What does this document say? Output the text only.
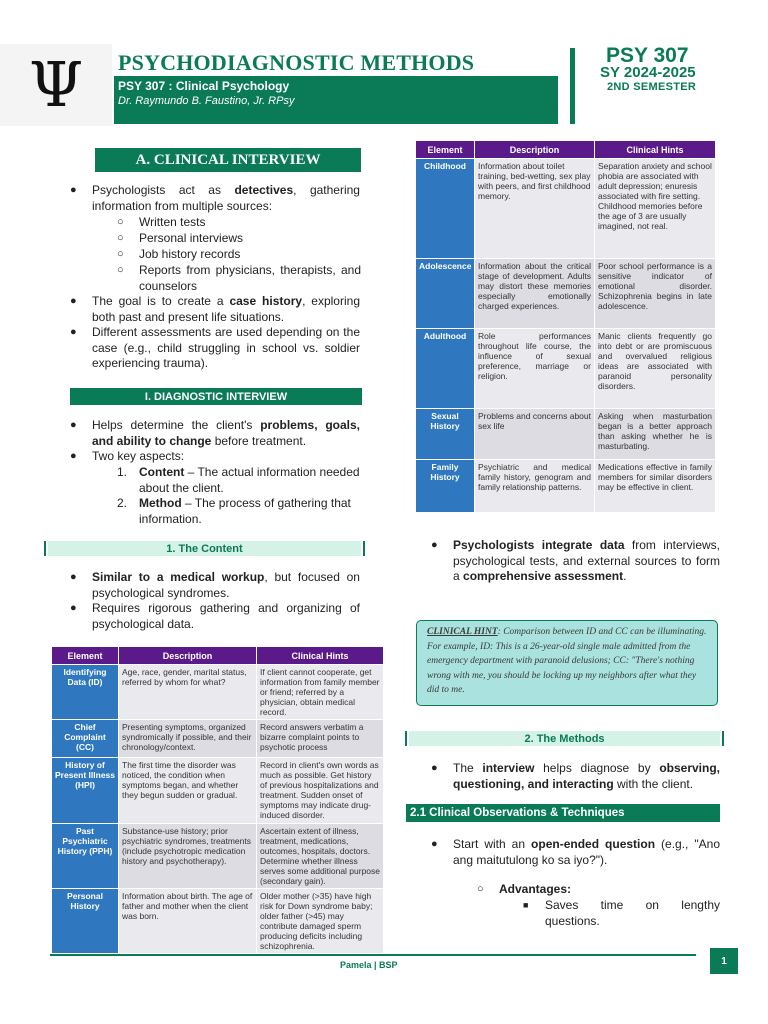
Ψ PSYCHODIAGNOSTIC METHODS
PSY 307 : Clinical Psychology
Dr. Raymundo B. Faustino, Jr. RPsy
PSY 307
SY 2024-2025
2ND SEMESTER
A. CLINICAL INTERVIEW
● Psychologists act as detectives, gathering information from multiple sources:
○ Written tests
○ Personal interviews
○ Job history records
○ Reports from physicians, therapists, and counselors
● The goal is to create a case history, exploring both past and present life situations.
● Different assessments are used depending on the case (e.g., child struggling in school vs. soldier experiencing trauma).
I. DIAGNOSTIC INTERVIEW
● Helps determine the client's problems, goals, and ability to change before treatment.
● Two key aspects:
1. Content – The actual information needed about the client.
2. Method – The process of gathering that information.
1. The Content
● Similar to a medical workup, but focused on psychological syndromes.
● Requires rigorous gathering and organizing of psychological data.
Element	Description	Clinical Hints
Identifying Data (ID)	Age, race, gender, marital status, referred by whom for what?	If client cannot cooperate, get information from family member or friend; referred by a physician, obtain medical record.
Chief Complaint (CC)	Presenting symptoms, organized syndromically if possible, and their chronology/context.	Record answers verbatim a bizarre complaint points to psychotic process
History of Present Illness (HPI)	The first time the disorder was noticed, the condition when symptoms began, and whether they begun sudden or gradual.	Record in client's own words as much as possible. Get history of previous hospitalizations and treatment. Sudden onset of symptoms may indicate drug-induced disorder.
Past Psychiatric History (PPH)	Substance-use history; prior psychiatric syndromes, treatments (include psychotropic medication history and psychotherapy).	Ascertain extent of illness, treatment, medications, outcomes, hospitals, doctors. Determine whether illness serves some additional purpose (secondary gain).
Personal History	Information about birth. The age of father and mother when the client was born.	Older mother (>35) have high risk for Down syndrome baby; older father (>45) may contribute damaged sperm producing deficits including schizophrenia.
Element	Description	Clinical Hints
Childhood	Information about toilet training, bed-wetting, sex play with peers, and first childhood memory.	Separation anxiety and school phobia are associated with adult depression; enuresis associated with fire setting. Childhood memories before the age of 3 are usually imagined, not real.
Adolescence	Information about the critical stage of development. Adults may distort these memories especially emotionally charged experiences.	Poor school performance is a sensitive indicator of emotional disorder. Schizophrenia begins in late adolescence.
Adulthood	Role performances throughout life course, the influence of sexual preference, marriage or religion.	Manic clients frequently go into debt or are promiscuous and overvalued religious ideas are associated with paranoid personality disorders.
Sexual History	Problems and concerns about sex life	Asking when masturbation began is a better approach than asking whether he is masturbating.
Family History	Psychiatric and medical family history, genogram and family relationship patterns.	Medications effective in family members for similar disorders may be effective in client.
● Psychologists integrate data from interviews, psychological tests, and external sources to form a comprehensive assessment.
CLINICAL HINT: Comparison between ID and CC can be illuminating. For example, ID: This is a 26-year-old single male admitted from the emergency department with paranoid delusions; CC: "There's nothing wrong with me, you should be locking up my neighbors after what they did to me.
2. The Methods
● The interview helps diagnose by observing, questioning, and interacting with the client.
2.1 Clinical Observations & Techniques
● Start with an open-ended question (e.g., "Ano ang maitutulong ko sa iyo?").
○ Advantages:
■ Saves time on lengthy questions.
Pamela | BSP	1
